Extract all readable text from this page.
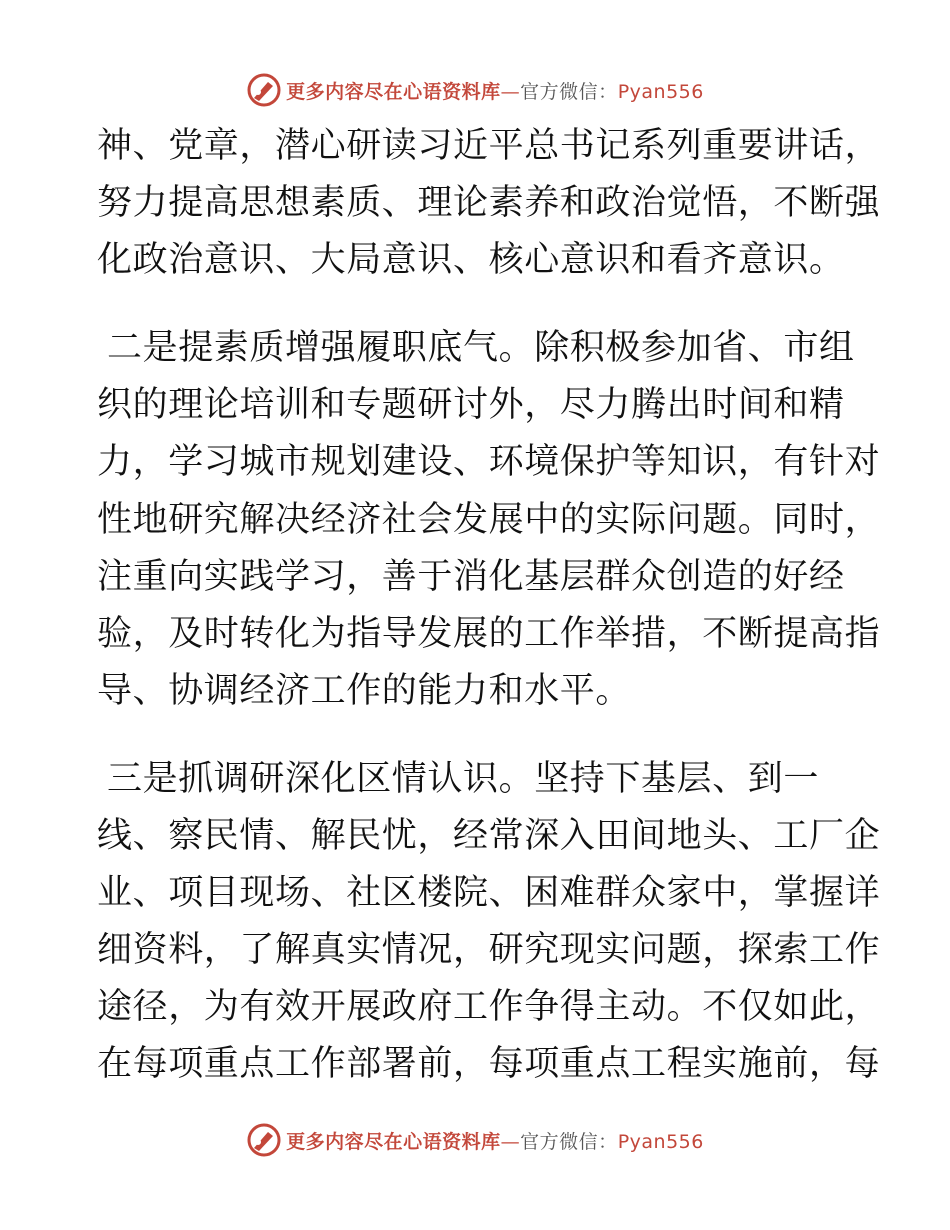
更多内容尽在心语资料库—官方微信：Pyan556
神、党章，潜心研读习近平总书记系列重要讲话，
努力提高思想素质、理论素养和政治觉悟，不断强
化政治意识、大局意识、核心意识和看齐意识。
二是提素质增强履职底气。除积极参加省、市组
织的理论培训和专题研讨外，尽力腾出时间和精
力，学习城市规划建设、环境保护等知识，有针对
性地研究解决经济社会发展中的实际问题。同时，
注重向实践学习，善于消化基层群众创造的好经
验，及时转化为指导发展的工作举措，不断提高指
导、协调经济工作的能力和水平。
三是抓调研深化区情认识。坚持下基层、到一
线、察民情、解民忧，经常深入田间地头、工厂企
业、项目现场、社区楼院、困难群众家中，掌握详
细资料，了解真实情况，研究现实问题，探索工作
途径，为有效开展政府工作争得主动。不仅如此，
在每项重点工作部署前，每项重点工程实施前，每
更多内容尽在心语资料库—官方微信：Pyan556
